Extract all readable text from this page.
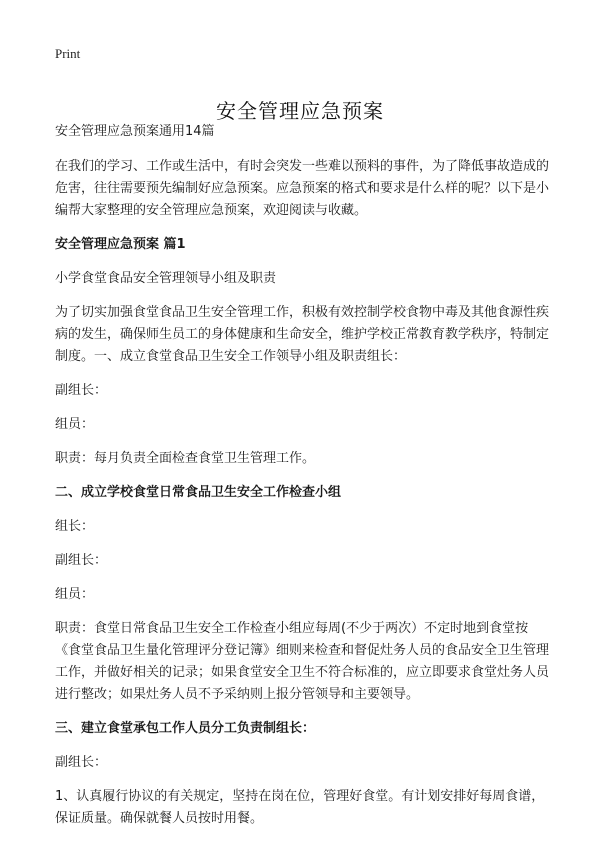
Print
安全管理应急预案

安全管理应急预案通用14篇

在我们的学习、工作或生活中，有时会突发一些难以预料的事件，为了降低事故造成的危害，往往需要预先编制好应急预案。应急预案的格式和要求是什么样的呢？以下是小编帮大家整理的安全管理应急预案，欢迎阅读与收藏。

安全管理应急预案 篇1

小学食堂食品安全管理领导小组及职责

为了切实加强食堂食品卫生安全管理工作，积极有效控制学校食物中毒及其他食源性疾病的发生，确保师生员工的身体健康和生命安全，维护学校正常教育教学秩序，特制定制度。一、成立食堂食品卫生安全工作领导小组及职责组长：

副组长：

组员：

职责：每月负责全面检查食堂卫生管理工作。

二、成立学校食堂日常食品卫生安全工作检查小组

组长：

副组长：

组员：

职责：食堂日常食品卫生安全工作检查小组应每周(不少于两次）不定时地到食堂按《食堂食品卫生量化管理评分登记簿》细则来检查和督促灶务人员的食品安全卫生管理工作，并做好相关的记录；如果食堂安全卫生不符合标准的，应立即要求食堂灶务人员进行整改；如果灶务人员不予采纳则上报分管领导和主要领导。

三、建立食堂承包工作人员分工负责制组长：

副组长：

1、认真履行协议的有关规定，坚持在岗在位，管理好食堂。有计划安排好每周食谱，保证质量。确保就餐人员按时用餐。
